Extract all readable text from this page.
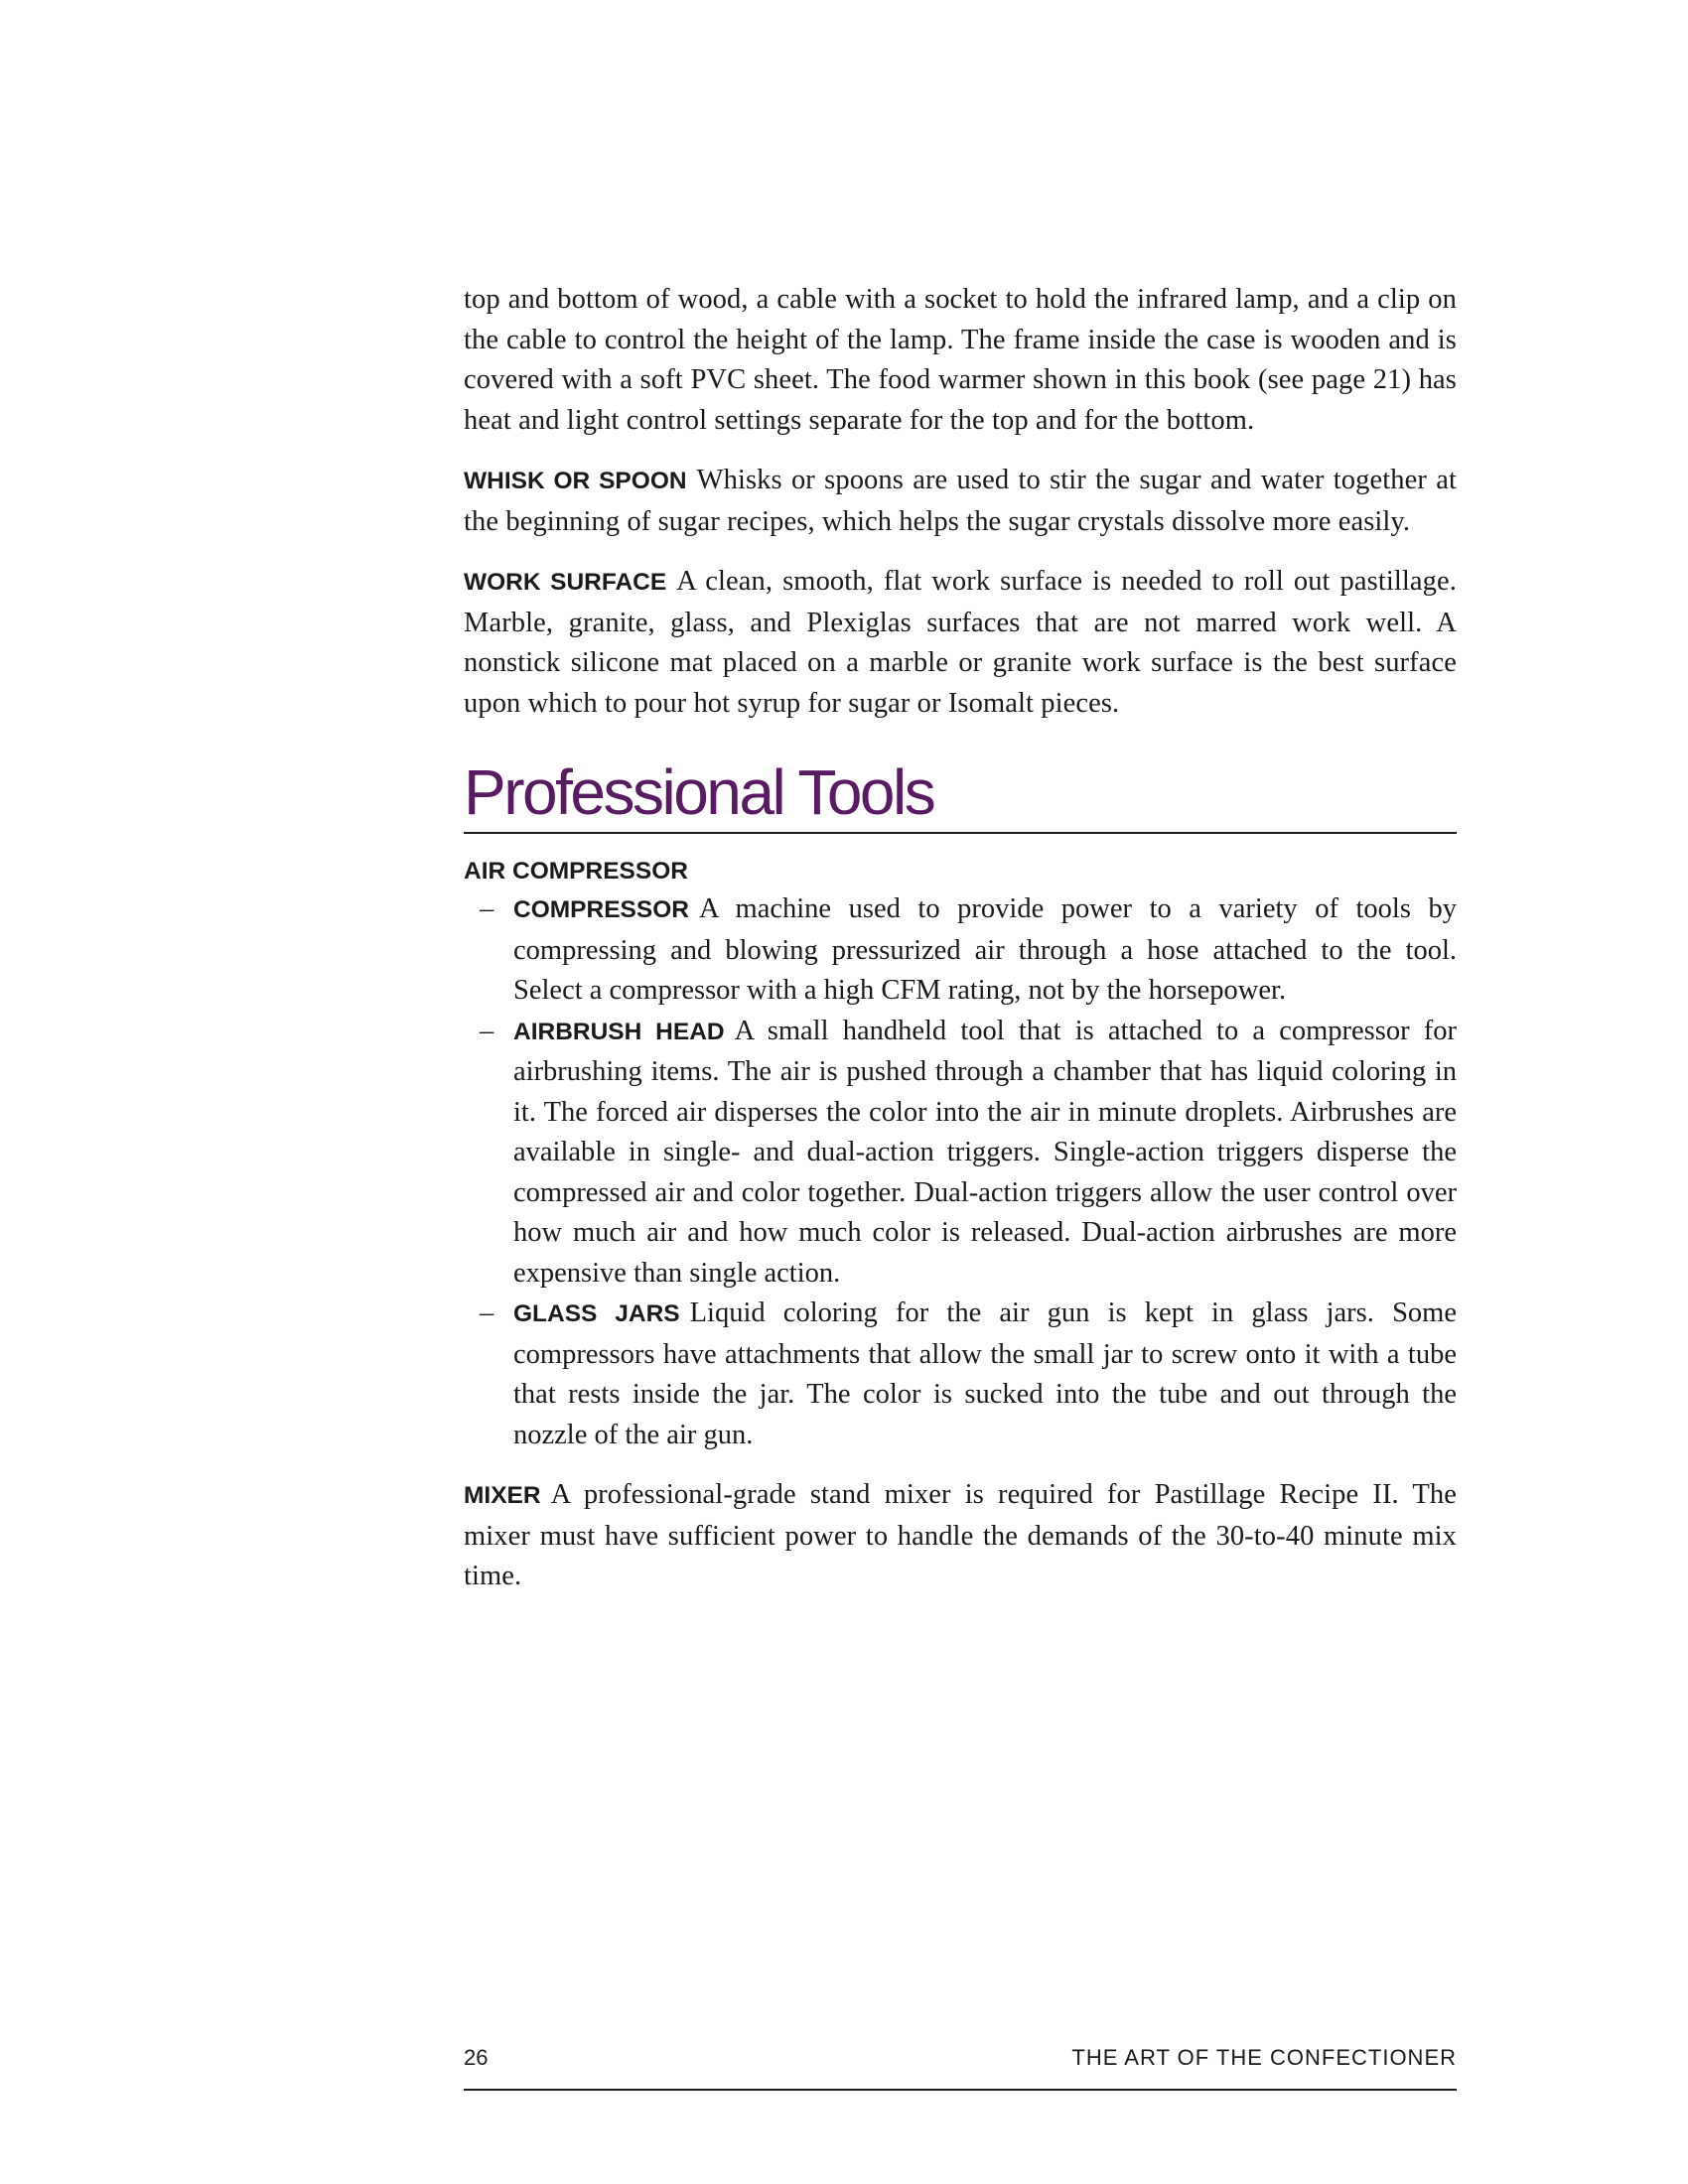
top and bottom of wood, a cable with a socket to hold the infrared lamp, and a clip on the cable to control the height of the lamp. The frame inside the case is wooden and is covered with a soft PVC sheet. The food warmer shown in this book (see page 21) has heat and light control settings separate for the top and for the bottom.

WHISK OR SPOON Whisks or spoons are used to stir the sugar and water together at the beginning of sugar recipes, which helps the sugar crystals dissolve more easily.

WORK SURFACE A clean, smooth, flat work surface is needed to roll out pastillage. Marble, granite, glass, and Plexiglas surfaces that are not marred work well. A nonstick silicone mat placed on a marble or granite work surface is the best surface upon which to pour hot syrup for sugar or Isomalt pieces.

Professional Tools
AIR COMPRESSOR
– COMPRESSOR A machine used to provide power to a variety of tools by compressing and blowing pressurized air through a hose attached to the tool. Select a compressor with a high CFM rating, not by the horsepower.
– AIRBRUSH HEAD A small handheld tool that is attached to a compressor for airbrushing items. The air is pushed through a chamber that has liquid coloring in it. The forced air disperses the color into the air in minute droplets. Airbrushes are available in single- and dual-action triggers. Single-action triggers disperse the compressed air and color together. Dual-action triggers allow the user control over how much air and how much color is released. Dual-action airbrushes are more expensive than single action.
– GLASS JARS Liquid coloring for the air gun is kept in glass jars. Some compressors have attachments that allow the small jar to screw onto it with a tube that rests inside the jar. The color is sucked into the tube and out through the nozzle of the air gun.

MIXER A professional-grade stand mixer is required for Pastillage Recipe II. The mixer must have sufficient power to handle the demands of the 30-to-40 minute mix time.

26	THE ART OF THE CONFECTIONER
